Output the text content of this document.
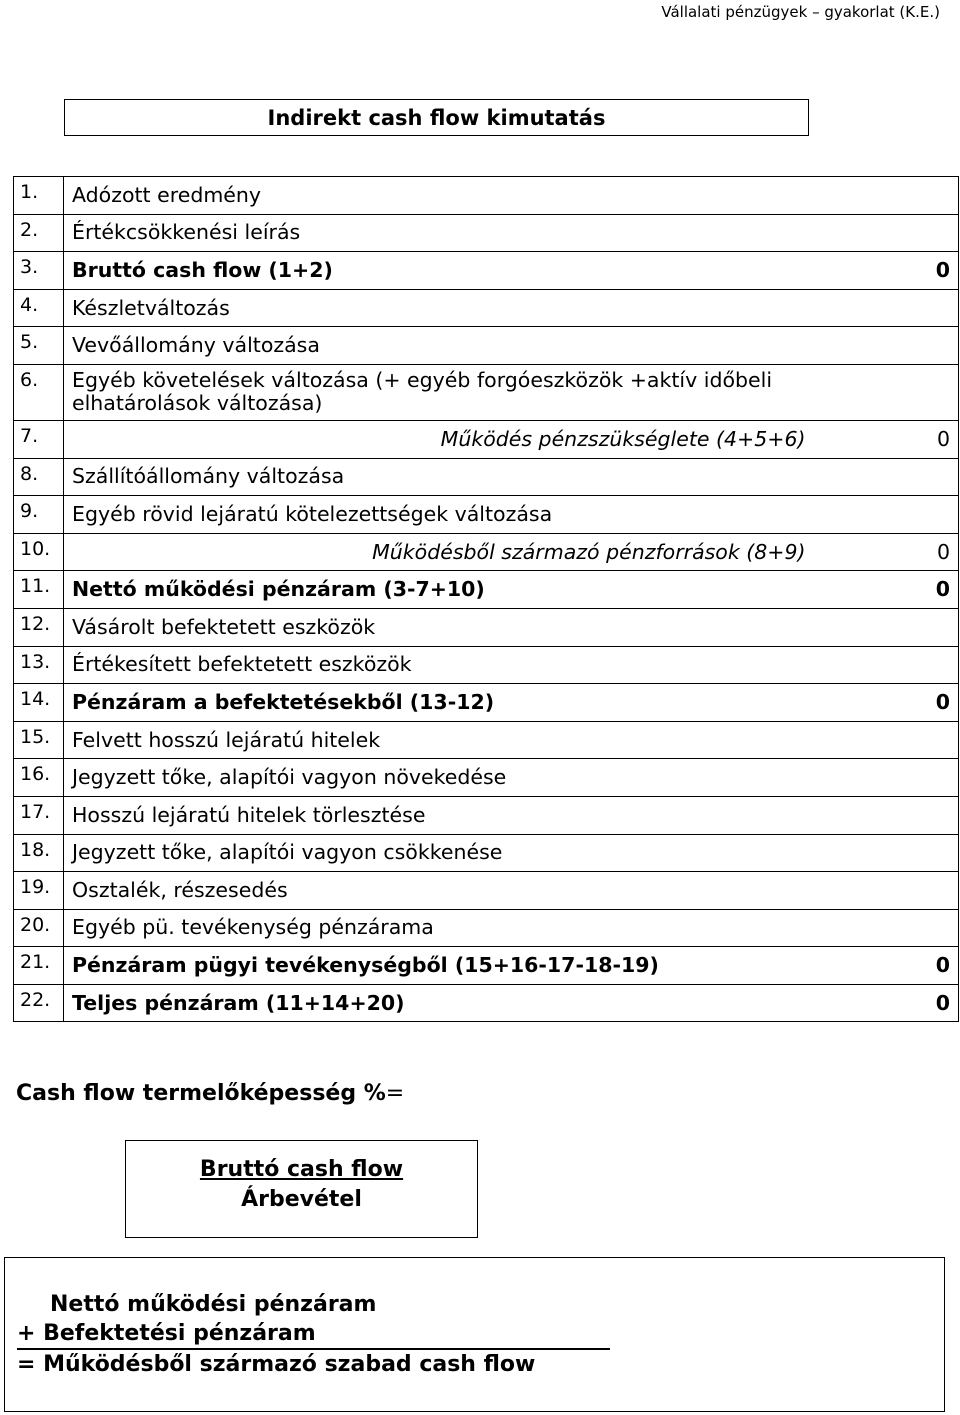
Vállalati pénzügyek – gyakorlat (K.E.)
Indirekt cash flow kimutatás
1.	Adózott eredmény	
2.	Értékcsökkenési leírás	
3.	Bruttó cash flow (1+2)	0
4.	Készletváltozás	
5.	Vevőállomány változása	
6.	Egyéb követelések változása (+ egyéb forgóeszközök +aktív időbeli elhatárolások változása)	
7.	Működés pénzszükséglete (4+5+6)	0
8.	Szállítóállomány változása	
9.	Egyéb rövid lejáratú kötelezettségek változása	
10.	Működésből származó pénzforrások (8+9)	0
11.	Nettó működési pénzáram (3-7+10)	0
12.	Vásárolt befektetett eszközök	
13.	Értékesített befektetett eszközök	
14.	Pénzáram a befektetésekből (13-12)	0
15.	Felvett hosszú lejáratú hitelek	
16.	Jegyzett tőke, alapítói vagyon növekedése	
17.	Hosszú lejáratú hitelek törlesztése	
18.	Jegyzett tőke, alapítói vagyon csökkenése	
19.	Osztalék, részesedés	
20.	Egyéb pü. tevékenység pénzárama	
21.	Pénzáram pügyi tevékenységből (15+16-17-18-19)	0
22.	Teljes pénzáram (11+14+20)	0
Cash flow termelőképesség %=
Bruttó cash flow
Árbevétel
Nettó működési pénzáram
+ Befektetési pénzáram
= Működésből származó szabad cash flow
